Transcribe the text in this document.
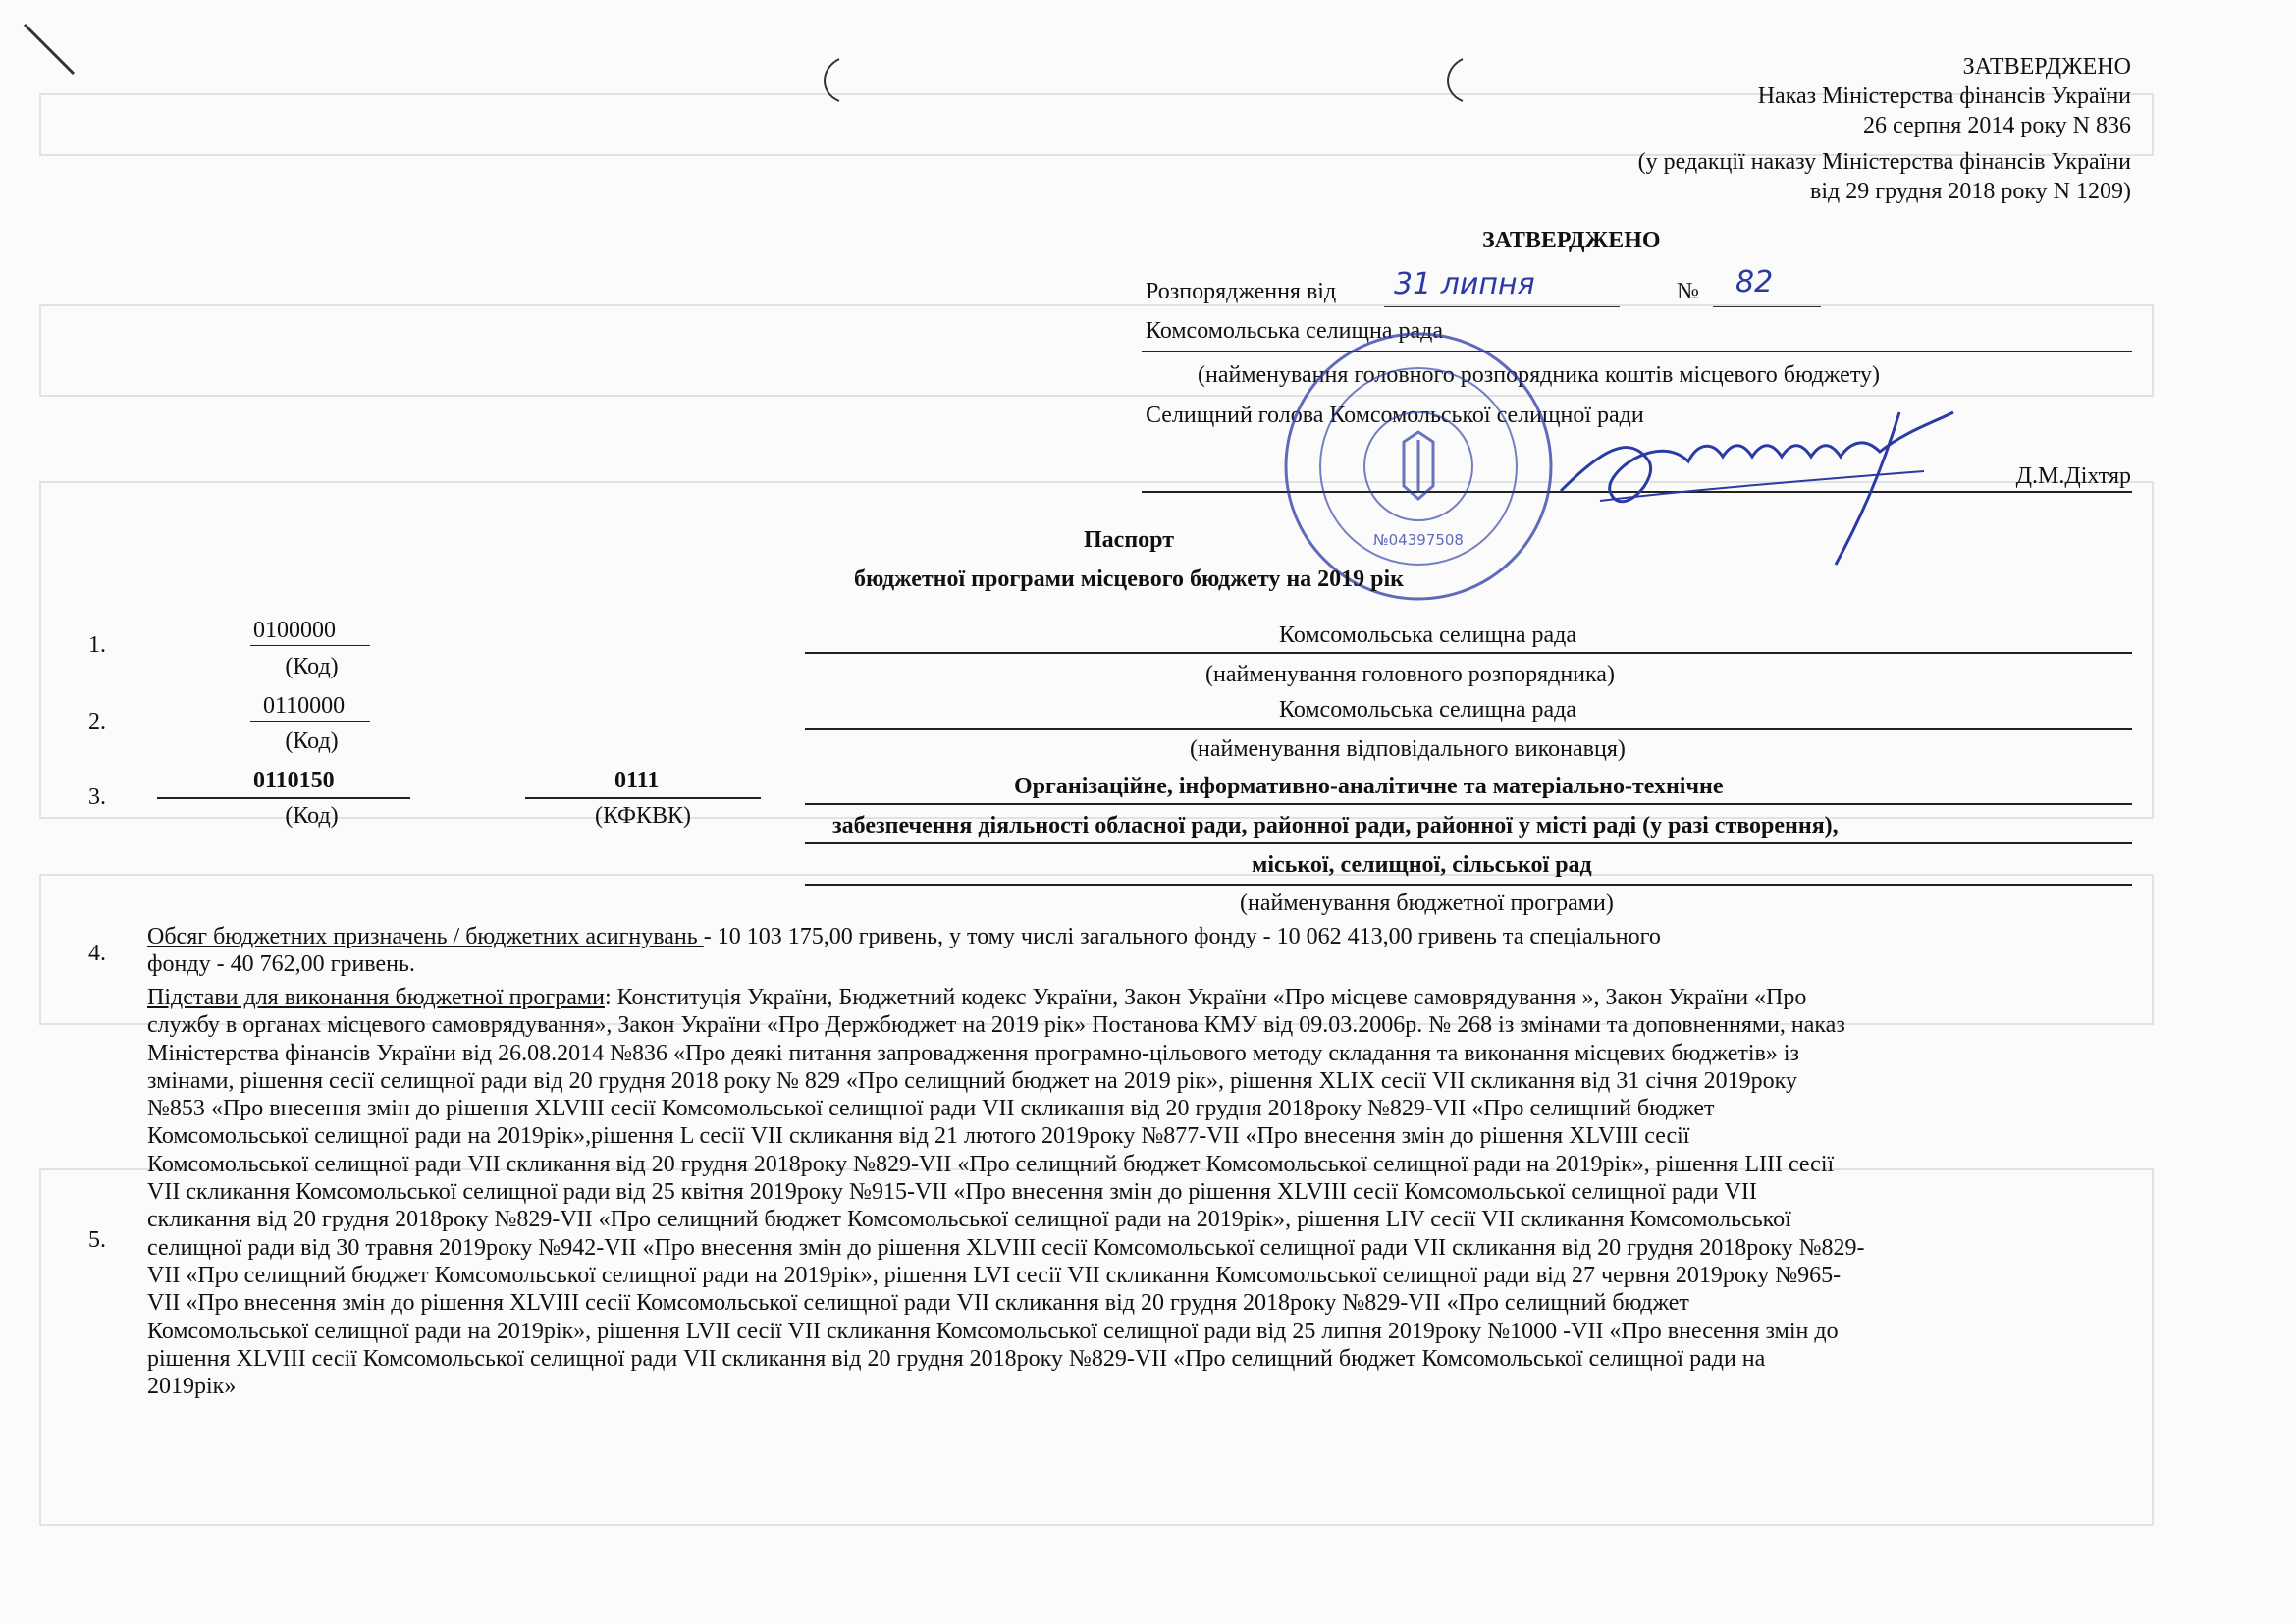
ЗАТВЕРДЖЕНО
Наказ Міністерства фінансів України
26 серпня 2014 року N 836
(у редакції наказу Міністерства фінансів України
від 29 грудня 2018 року N 1209)
ЗАТВЕРДЖЕНО
Розпорядження від 31 липня	№ 82
Комсомольська селищна рада
(найменування головного розпорядника коштів місцевого бюджету)
Селищний голова Комсомольської селищної ради
Д.М.Діхтяр
№04397508
Паспорт
бюджетної програми місцевого бюджету на 2019 рік
1.
0100000
(Код)
Комсомольська селищна рада
(найменування головного розпорядника)
2.
0110000
(Код)
Комсомольська селищна рада
(найменування відповідального виконавця)
3.
0110150
(Код)
0111
(КФКВК)
Організаційне, інформативно-аналітичне та матеріально-технічне
забезпечення діяльності обласної ради, районної ради, районної у місті раді (у разі створення),
міської, селищної, сільської рад
(найменування бюджетної програми)
4.
Обсяг бюджетних призначень / бюджетних асигнувань - 10 103 175,00 гривень, у тому числі загального фонду - 10 062 413,00 гривень та спеціального
фонду - 40 762,00 гривень.
5.
Підстави для виконання бюджетної програми: Конституція України, Бюджетний кодекс України, Закон України «Про місцеве самоврядування », Закон України «Про
службу в органах місцевого самоврядування», Закон України «Про Держбюджет на 2019 рік» Постанова КМУ від 09.03.2006р. № 268 із змінами та доповненнями, наказ
Міністерства фінансів України від 26.08.2014 №836 «Про деякі питання запровадження програмно-цільового методу складання та виконання місцевих бюджетів» із
змінами, рішення сесії селищної ради від 20 грудня 2018 року № 829 «Про селищний бюджет на 2019 рік», рішення XLIX сесії VII скликання від 31 січня 2019року
№853 «Про внесення змін до рішення XLVIII сесії Комсомольської селищної ради VII скликання від 20 грудня 2018року №829-VII «Про селищний бюджет
Комсомольської селищної ради на 2019рік»,рішення L сесії VII скликання від 21 лютого 2019року №877-VII «Про внесення змін до рішення XLVIII сесії
Комсомольської селищної ради VII скликання від 20 грудня 2018року №829-VII «Про селищний бюджет Комсомольської селищної ради на 2019рік», рішення LIII сесії
VII скликання Комсомольської селищної ради від 25 квітня 2019року №915-VII «Про внесення змін до рішення XLVIII сесії Комсомольської селищної ради VII
скликання від 20 грудня 2018року №829-VII «Про селищний бюджет Комсомольської селищної ради на 2019рік», рішення LIV сесії VII скликання Комсомольської
селищної ради від 30 травня 2019року №942-VII «Про внесення змін до рішення XLVIII сесії Комсомольської селищної ради VII скликання від 20 грудня 2018року №829-
VII «Про селищний бюджет Комсомольської селищної ради на 2019рік», рішення LVI сесії VII скликання Комсомольської селищної ради від 27 червня 2019року №965-
VII «Про внесення змін до рішення XLVIII сесії Комсомольської селищної ради VII скликання від 20 грудня 2018року №829-VII «Про селищний бюджет
Комсомольської селищної ради на 2019рік», рішення LVII сесії VII скликання Комсомольської селищної ради від 25 липня 2019року №1000 -VII «Про внесення змін до
рішення XLVIII сесії Комсомольської селищної ради VII скликання від 20 грудня 2018року №829-VII «Про селищний бюджет Комсомольської селищної ради на
2019рік»
